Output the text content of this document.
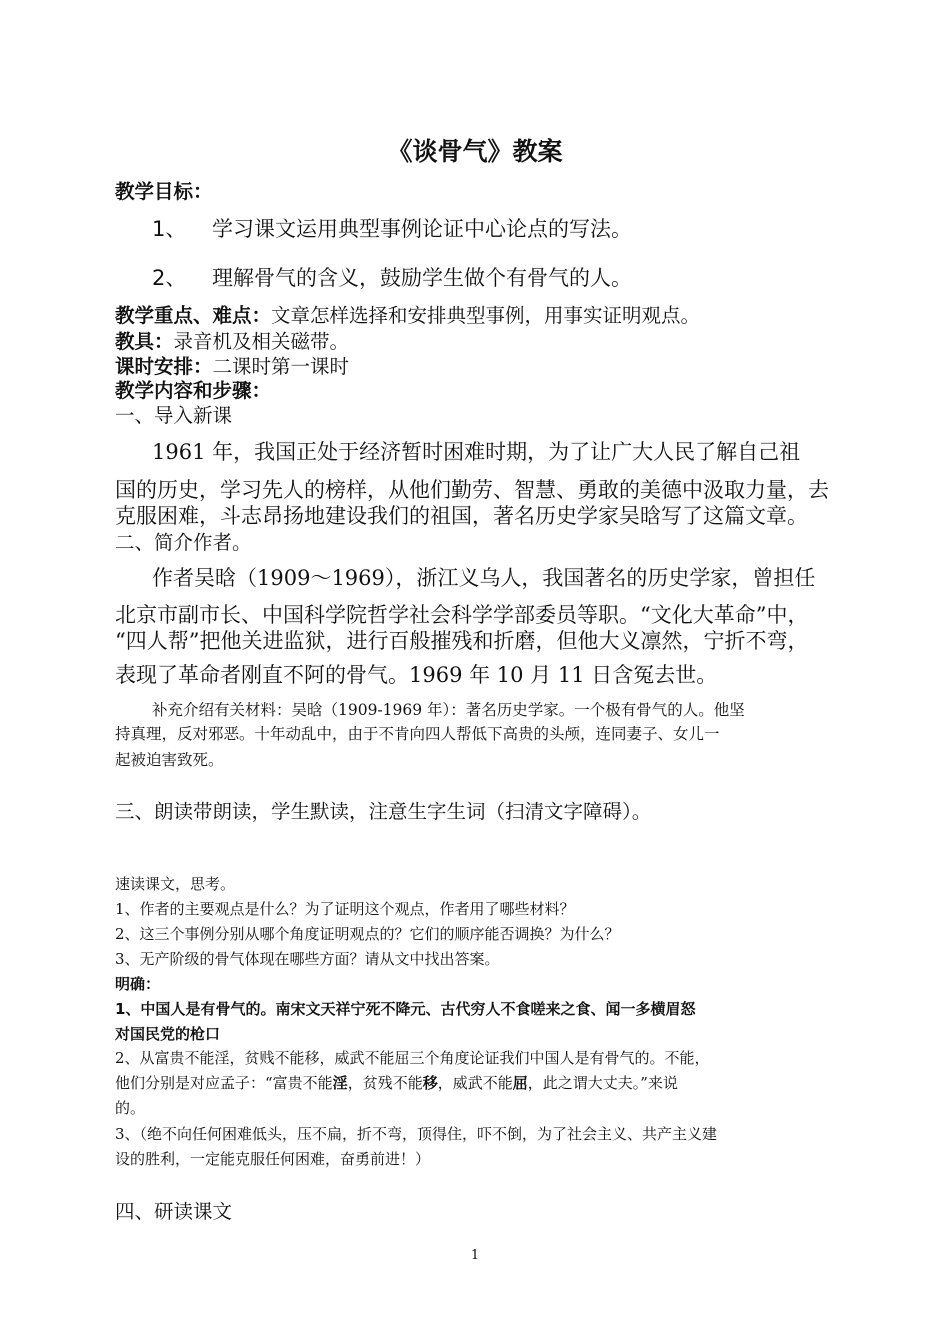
《谈骨气》教案
教学目标：
1、 学习课文运用典型事例论证中心论点的写法。
2、 理解骨气的含义，鼓励学生做个有骨气的人。
教学重点、难点：文章怎样选择和安排典型事例，用事实证明观点。
教具：录音机及相关磁带。
课时安排：二课时第一课时
教学内容和步骤：
一、导入新课
1961 年，我国正处于经济暂时困难时期，为了让广大人民了解自己祖
国的历史，学习先人的榜样，从他们勤劳、智慧、勇敢的美德中汲取力量，去
克服困难，斗志昂扬地建设我们的祖国，著名历史学家吴晗写了这篇文章。
二、简介作者。
作者吴晗（1909～1969），浙江义乌人，我国著名的历史学家，曾担任
北京市副市长、中国科学院哲学社会科学学部委员等职。“文化大革命”中，
“四人帮”把他关进监狱，进行百般摧残和折磨，但他大义凛然，宁折不弯，
表现了革命者刚直不阿的骨气。1969 年 10 月 11 日含冤去世。
补充介绍有关材料：吴晗（1909-1969 年）：著名历史学家。一个极有骨气的人。他坚
持真理，反对邪恶。十年动乱中，由于不肯向四人帮低下高贵的头颅，连同妻子、女儿一
起被迫害致死。
三、朗读带朗读，学生默读，注意生字生词（扫清文字障碍）。
速读课文，思考。
1、作者的主要观点是什么？为了证明这个观点，作者用了哪些材料？
2、这三个事例分别从哪个角度证明观点的？它们的顺序能否调换？为什么？
3、无产阶级的骨气体现在哪些方面？请从文中找出答案。
明确：
1、中国人是有骨气的。南宋文天祥宁死不降元、古代穷人不食嗟来之食、闻一多横眉怒
对国民党的枪口
2、从富贵不能淫，贫贱不能移，威武不能屈三个角度论证我们中国人是有骨气的。不能，
他们分别是对应孟子：“富贵不能淫，贫残不能移，威武不能屈，此之谓大丈夫。”来说
的。
3、（绝不向任何困难低头，压不扁，折不弯，顶得住，吓不倒，为了社会主义、共产主义建
设的胜利，一定能克服任何困难，奋勇前进！）
四、研读课文
1
